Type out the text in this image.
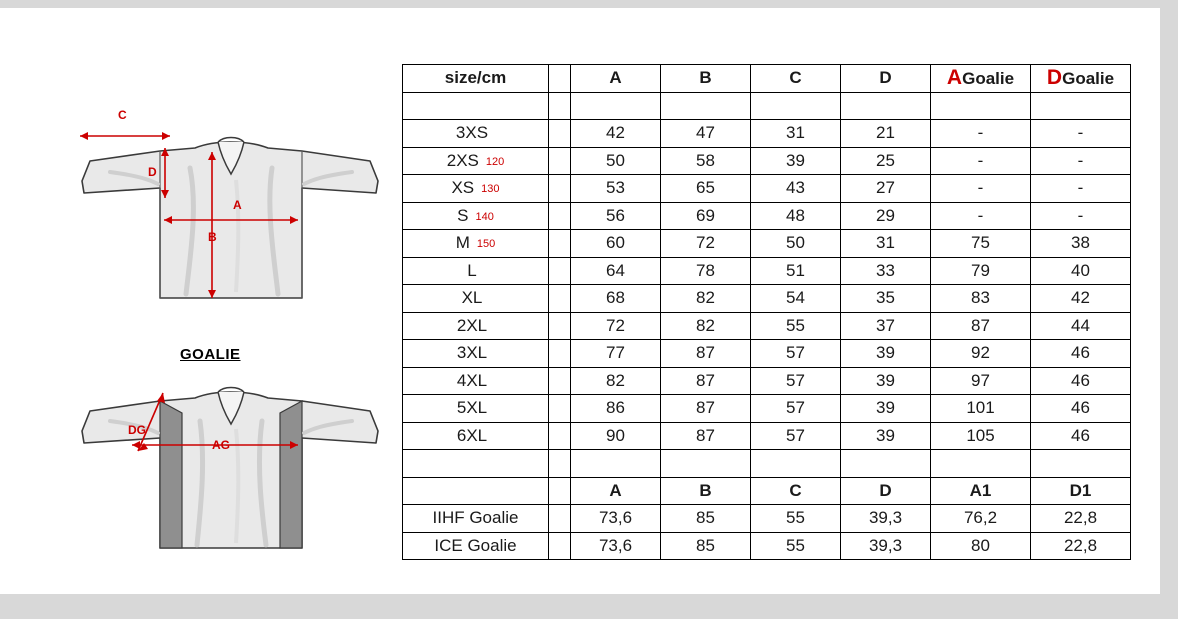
C
D
A
B
GOALIE
DG
AG
size/cm		A	B	C	D	AGoalie	DGoalie

3XS		42	47	31	21	-	-
2XS 120		50	58	39	25	-	-
XS 130		53	65	43	27	-	-
S 140		56	69	48	29	-	-
M 150		60	72	50	31	75	38
L		64	78	51	33	79	40
XL		68	82	54	35	83	42
2XL		72	82	55	37	87	44
3XL		77	87	57	39	92	46
4XL		82	87	57	39	97	46
5XL		86	87	57	39	101	46
6XL		90	87	57	39	105	46

		A	B	C	D	A1	D1
IIHF Goalie		73,6	85	55	39,3	76,2	22,8
ICE Goalie		73,6	85	55	39,3	80	22,8
